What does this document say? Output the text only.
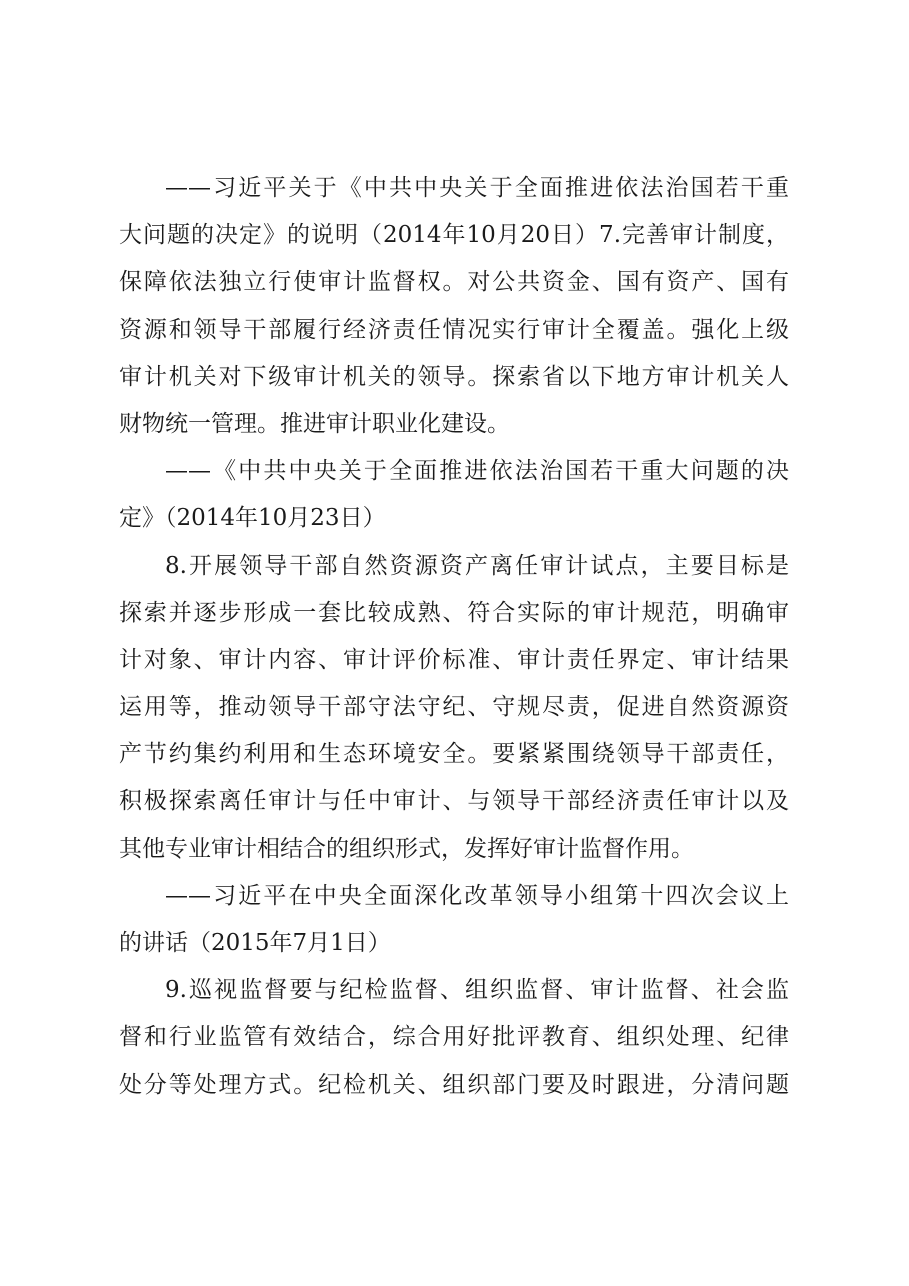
——习近平关于《中共中央关于全面推进依法治国若干重
大问题的决定》的说明（2014年10月20日）7.完善审计制度，
保障依法独立行使审计监督权。对公共资金、国有资产、国有
资源和领导干部履行经济责任情况实行审计全覆盖。强化上级
审计机关对下级审计机关的领导。探索省以下地方审计机关人
财物统一管理。推进审计职业化建设。
——《中共中央关于全面推进依法治国若干重大问题的决
定》（2014年10月23日）
8.开展领导干部自然资源资产离任审计试点，主要目标是
探索并逐步形成一套比较成熟、符合实际的审计规范，明确审
计对象、审计内容、审计评价标准、审计责任界定、审计结果
运用等，推动领导干部守法守纪、守规尽责，促进自然资源资
产节约集约利用和生态环境安全。要紧紧围绕领导干部责任，
积极探索离任审计与任中审计、与领导干部经济责任审计以及
其他专业审计相结合的组织形式，发挥好审计监督作用。
——习近平在中央全面深化改革领导小组第十四次会议上
的讲话（2015年7月1日）
9.巡视监督要与纪检监督、组织监督、审计监督、社会监
督和行业监管有效结合，综合用好批评教育、组织处理、纪律
处分等处理方式。纪检机关、组织部门要及时跟进，分清问题
